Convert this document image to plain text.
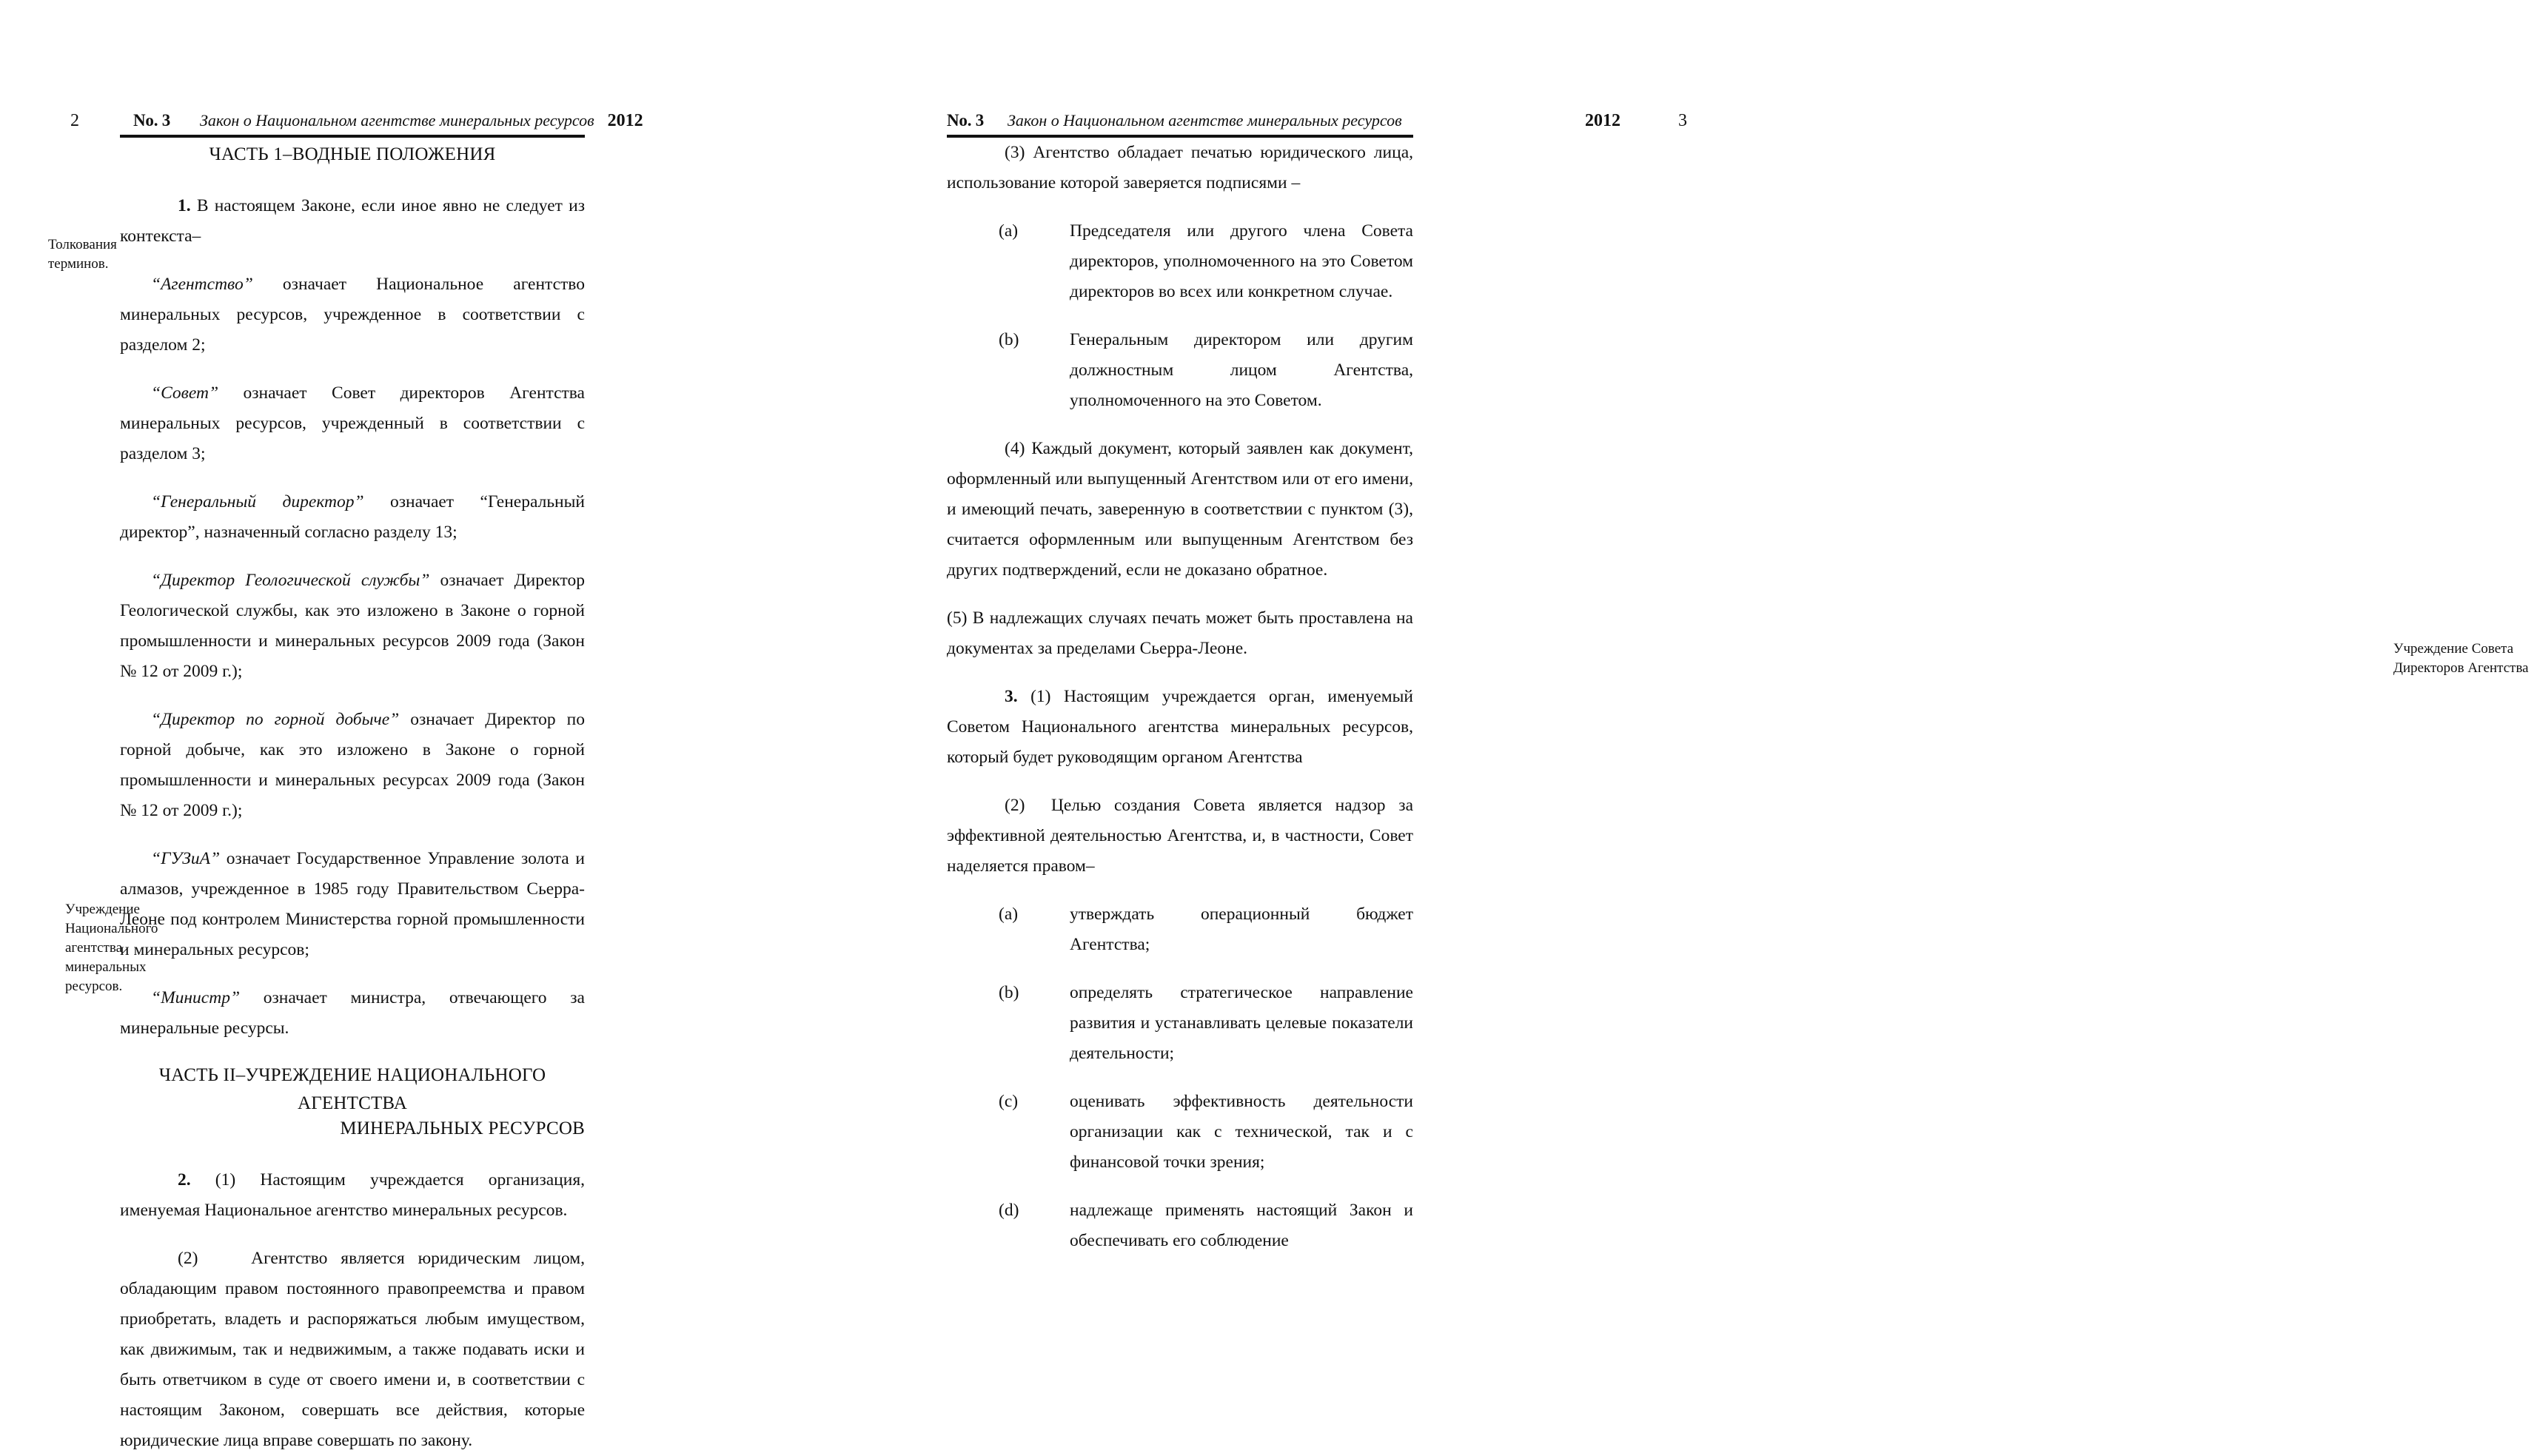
2	No. 3	Закон о Национальном агентстве минеральных ресурсов 2012
ЧАСТЬ 1–ВОДНЫЕ ПОЛОЖЕНИЯ

1. В настоящем Законе, если иное явно не следует из контекста–

“Агентство” означает Национальное агентство минеральных ресурсов, учрежденное в соответствии с разделом 2;

“Совет” означает Совет директоров Агентства минеральных ресурсов, учрежденный в соответствии с разделом 3;

“Генеральный директор” означает “Генеральный директор”, назначенный согласно разделу 13;

“Директор Геологической службы” означает Директор Геологической службы, как это изложено в Законе о горной промышленности и минеральных ресурсов 2009 года (Закон № 12 от 2009 г.);

“Директор по горной добыче” означает Директор по горной добыче, как это изложено в Законе о горной промышленности и минеральных ресурсах 2009 года (Закон № 12 от 2009 г.);

“ГУЗиА” означает Государственное Управление золота и алмазов, учрежденное в 1985 году Правительством Сьерра-Леоне под контролем Министерства горной промышленности и минеральных ресурсов;

“Министр” означает министра, отвечающего за минеральные ресурсы.

ЧАСТЬ II–УЧРЕЖДЕНИЕ НАЦИОНАЛЬНОГО АГЕНТСТВА
МИНЕРАЛЬНЫХ РЕСУРСОВ

2. (1) Настоящим учреждается организация, именуемая Национальное агентство минеральных ресурсов.

(2)	Агентство является юридическим лицом, обладающим правом постоянного правопреемства и правом приобретать, владеть и распоряжаться любым имуществом, как движимым, так и недвижимым, а также подавать иски и быть ответчиком в суде от своего имени и, в соответствии с настоящим Законом, совершать все действия, которые юридические лица вправе совершать по закону.

Толкования терминов.
Учреждение Национального агентства минеральных ресурсов.
No. 3	Закон о Национальном агентстве минеральных ресурсов	2012	3

(3) Агентство обладает печатью юридического лица, использование которой заверяется подписями –

(a)	Председателя или другого члена Совета директоров, уполномоченного на это Советом директоров во всех или конкретном случае.
(b)	Генеральным директором или другим должностным лицом Агентства, уполномоченного на это Советом.

(4) Каждый документ, который заявлен как документ, оформленный или выпущенный Агентством или от его имени, и имеющий печать, заверенную в соответствии с пунктом (3), считается оформленным или выпущенным Агентством без других подтверждений, если не доказано обратное.

(5) В надлежащих случаях печать может быть проставлена на документах за пределами Сьерра-Леоне.

3. (1) Настоящим учреждается орган, именуемый Советом Национального агентства минеральных ресурсов, который будет руководящим органом Агентства

(2) Целью создания Совета является надзор за эффективной деятельностью Агентства, и, в частности, Совет наделяется правом–

(a)	утверждать операционный бюджет Агентства;
(b)	определять стратегическое направление развития и устанавливать целевые показатели деятельности;
(c)	оценивать эффективность деятельности организации как с технической, так и с финансовой точки зрения;
(d)	надлежаще применять настоящий Закон и обеспечивать его соблюдение
Учреждение Совета Директоров Агентства
